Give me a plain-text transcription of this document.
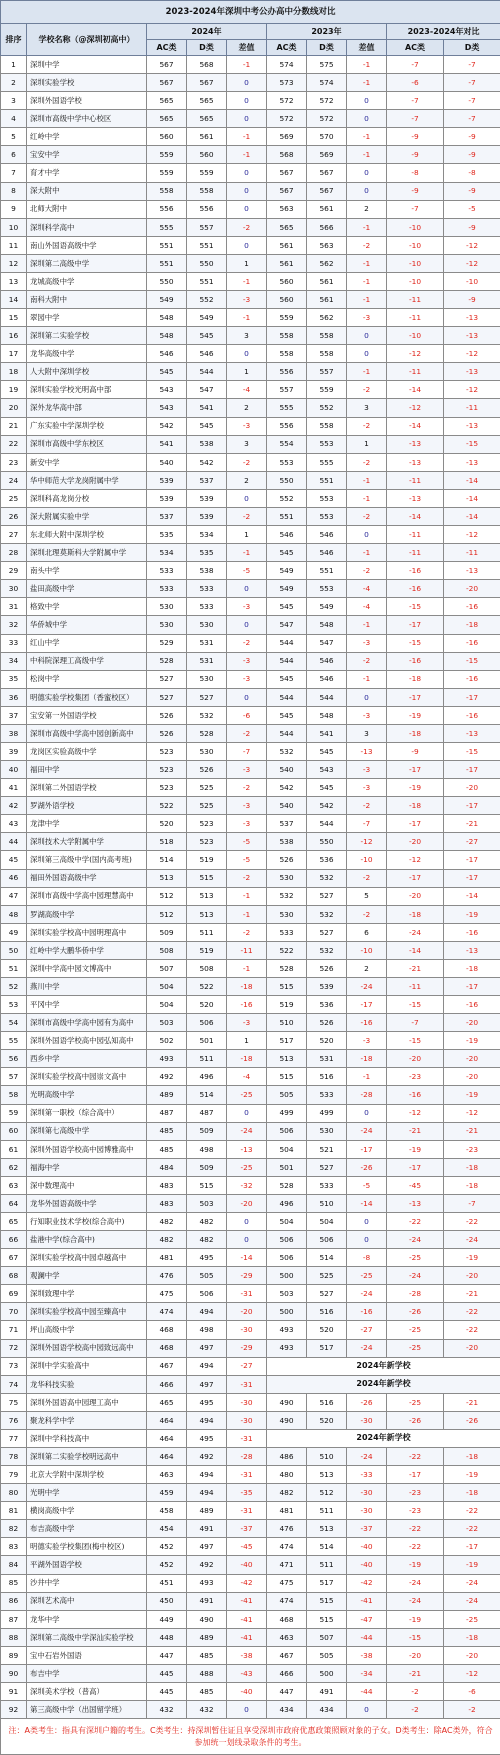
2023-2024年深圳中考公办高中分数线对比									
排序	学校名称（@深圳初高中）	2024年			2023年			2023-2024年对比	
		AC类	D类	差值	AC类	D类	差值	AC类	D类
1	深圳中学	567	568	-1	574	575	-1	-7	-7
2	深圳实验学校	567	567	0	573	574	-1	-6	-7
3	深圳外国语学校	565	565	0	572	572	0	-7	-7
4	深圳市高级中学中心校区	565	565	0	572	572	0	-7	-7
5	红岭中学	560	561	-1	569	570	-1	-9	-9
6	宝安中学	559	560	-1	568	569	-1	-9	-9
7	育才中学	559	559	0	567	567	0	-8	-8
8	深大附中	558	558	0	567	567	0	-9	-9
9	北师大附中	556	556	0	563	561	2	-7	-5
10	深圳科学高中	555	557	-2	565	566	-1	-10	-9
11	南山外国语高级中学	551	551	0	561	563	-2	-10	-12
12	深圳第二高级中学	551	550	1	561	562	-1	-10	-12
13	龙城高级中学	550	551	-1	560	561	-1	-10	-10
14	南科大附中	549	552	-3	560	561	-1	-11	-9
15	翠园中学	548	549	-1	559	562	-3	-11	-13
16	深圳第二实验学校	548	545	3	558	558	0	-10	-13
17	龙华高级中学	546	546	0	558	558	0	-12	-12
18	人大附中深圳学校	545	544	1	556	557	-1	-11	-13
19	深圳实验学校光明高中部	543	547	-4	557	559	-2	-14	-12
20	深外龙华高中部	543	541	2	555	552	3	-12	-11
21	广东实验中学深圳学校	542	545	-3	556	558	-2	-14	-13
22	深圳市高级中学东校区	541	538	3	554	553	1	-13	-15
23	新安中学	540	542	-2	553	555	-2	-13	-13
24	华中师范大学龙岗附属中学	539	537	2	550	551	-1	-11	-14
25	深圳科高龙岗分校	539	539	0	552	553	-1	-13	-14
26	深大附属实验中学	537	539	-2	551	553	-2	-14	-14
27	东北师大附中深圳学校	535	534	1	546	546	0	-11	-12
28	深圳北理莫斯科大学附属中学	534	535	-1	545	546	-1	-11	-11
29	南头中学	533	538	-5	549	551	-2	-16	-13
30	盐田高级中学	533	533	0	549	553	-4	-16	-20
31	格致中学	530	533	-3	545	549	-4	-15	-16
32	华侨城中学	530	530	0	547	548	-1	-17	-18
33	红山中学	529	531	-2	544	547	-3	-15	-16
34	中科院深理工高级中学	528	531	-3	544	546	-2	-16	-15
35	松岗中学	527	530	-3	545	546	-1	-18	-16
36	明德实验学校集团（香蜜校区）	527	527	0	544	544	0	-17	-17
37	宝安第一外国语学校	526	532	-6	545	548	-3	-19	-16
38	深圳市高级中学高中园创新高中	526	528	-2	544	541	3	-18	-13
39	龙岗区实验高级中学	523	530	-7	532	545	-13	-9	-15
40	福田中学	523	526	-3	540	543	-3	-17	-17
41	深圳第二外国语学校	523	525	-2	542	545	-3	-19	-20
42	罗湖外语学校	522	525	-3	540	542	-2	-18	-17
43	龙津中学	520	523	-3	537	544	-7	-17	-21
44	深圳技术大学附属中学	518	523	-5	538	550	-12	-20	-27
45	深圳第三高级中学(国内高考班)	514	519	-5	526	536	-10	-12	-17
46	福田外国语高级中学	513	515	-2	530	532	-2	-17	-17
47	深圳市高级中学高中园理慧高中	512	513	-1	532	527	5	-20	-14
48	罗湖高级中学	512	513	-1	530	532	-2	-18	-19
49	深圳实验学校高中园明理高中	509	511	-2	533	527	6	-24	-16
50	红岭中学大鹏华侨中学	508	519	-11	522	532	-10	-14	-13
51	深圳中学高中园文博高中	507	508	-1	528	526	2	-21	-18
52	燕川中学	504	522	-18	515	539	-24	-11	-17
53	平冈中学	504	520	-16	519	536	-17	-15	-16
54	深圳市高级中学高中园有为高中	503	506	-3	510	526	-16	-7	-20
55	深圳外国语学校高中园弘知高中	502	501	1	517	520	-3	-15	-19
56	西乡中学	493	511	-18	513	531	-18	-20	-20
57	深圳实验学校高中园崇文高中	492	496	-4	515	516	-1	-23	-20
58	光明高级中学	489	514	-25	505	533	-28	-16	-19
59	深圳第一职校（综合高中）	487	487	0	499	499	0	-12	-12
60	深圳第七高级中学	485	509	-24	506	530	-24	-21	-21
61	深圳外国语学校高中园博雅高中	485	498	-13	504	521	-17	-19	-23
62	福海中学	484	509	-25	501	527	-26	-17	-18
63	深中数理高中	483	515	-32	528	533	-5	-45	-18
64	龙华外国语高级中学	483	503	-20	496	510	-14	-13	-7
65	行知职业技术学校(综合高中)	482	482	0	504	504	0	-22	-22
66	盐港中学(综合高中)	482	482	0	506	506	0	-24	-24
67	深圳实验学校高中园卓越高中	481	495	-14	506	514	-8	-25	-19
68	观澜中学	476	505	-29	500	525	-25	-24	-20
69	深圳致理中学	475	506	-31	503	527	-24	-28	-21
70	深圳实验学校高中园至臻高中	474	494	-20	500	516	-16	-26	-22
71	坪山高级中学	468	498	-30	493	520	-27	-25	-22
72	深圳外国语学校高中园致远高中	468	497	-29	493	517	-24	-25	-20
73	深圳中学实验高中	467	494	-27	2024年新学校				
74	龙华科技实验	466	497	-31	2024年新学校				
75	深圳外国语高中园理工高中	465	495	-30	490	516	-26	-25	-21
76	聚龙科学中学	464	494	-30	490	520	-30	-26	-26
77	深圳中学科技高中	464	495	-31	2024年新学校				
78	深圳第二实验学校明远高中	464	492	-28	486	510	-24	-22	-18
79	北京大学附中深圳学校	463	494	-31	480	513	-33	-17	-19
80	光明中学	459	494	-35	482	512	-30	-23	-18
81	横岗高级中学	458	489	-31	481	511	-30	-23	-22
82	布吉高级中学	454	491	-37	476	513	-37	-22	-22
83	明德实验学校集团(梅中校区)	452	497	-45	474	514	-40	-22	-17
84	平湖外国语学校	452	492	-40	471	511	-40	-19	-19
85	沙井中学	451	493	-42	475	517	-42	-24	-24
86	深圳艺术高中	450	491	-41	474	515	-41	-24	-24
87	龙华中学	449	490	-41	468	515	-47	-19	-25
88	深圳第二高级中学深汕实验学校	448	489	-41	463	507	-44	-15	-18
89	宝中石岩外国语	447	485	-38	467	505	-38	-20	-20
90	布吉中学	445	488	-43	466	500	-34	-21	-12
91	深圳美术学校（普高）	445	485	-40	447	491	-44	-2	-6
92	第三高级中学（出国留学班）	432	432	0	434	434	0	-2	-2
注：A类考生：指具有深圳户籍的考生。C类考生：持深圳暂住证且享受深圳市政府优惠政策照顾对象的子女。D类考生：除AC类外，符合参加统一划线录取条件的考生。									
